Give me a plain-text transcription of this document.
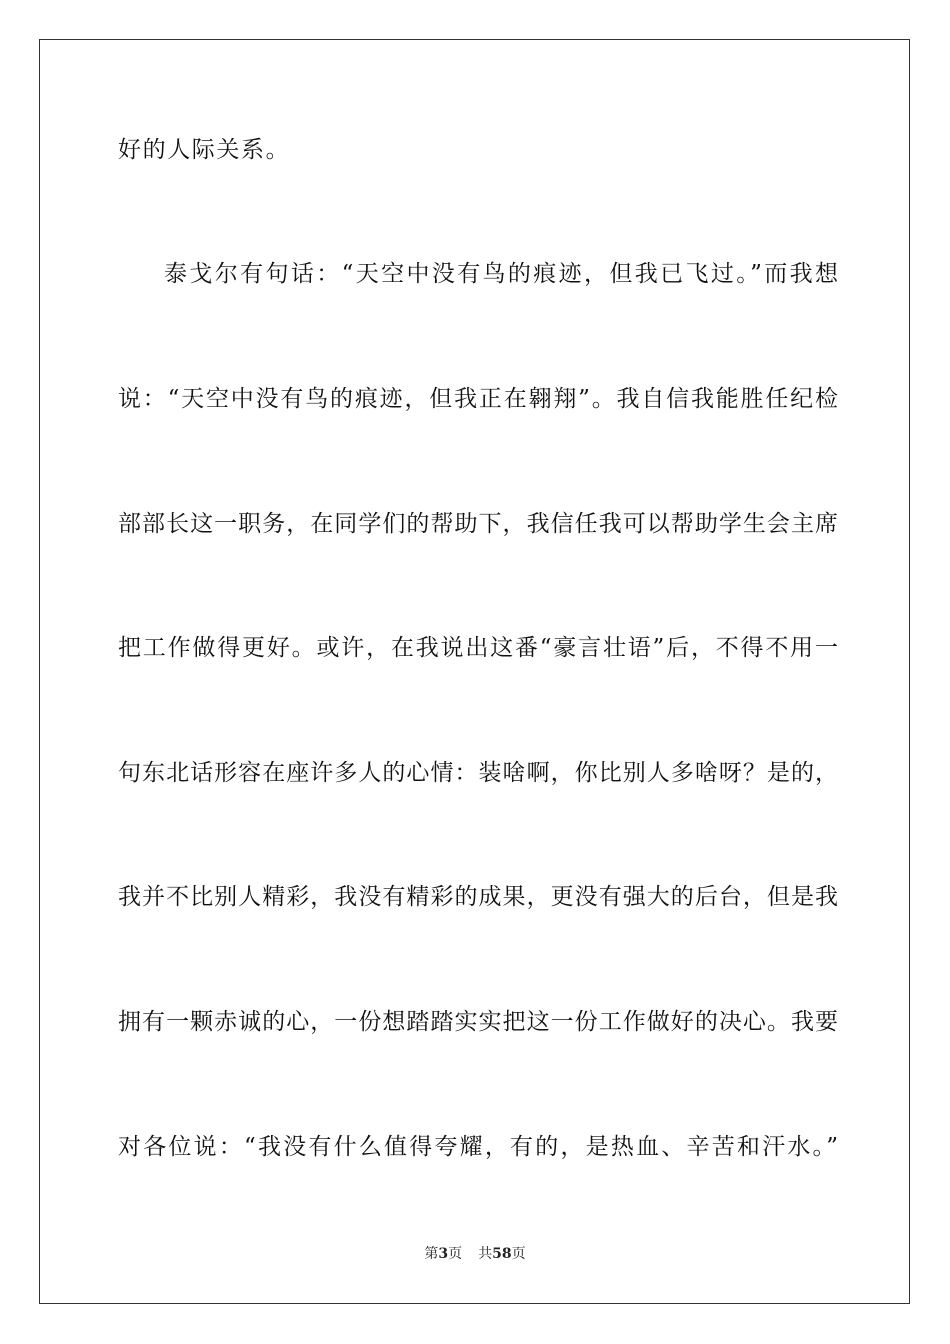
好的人际关系。
泰戈尔有句话：“天空中没有鸟的痕迹，但我已飞过。”而我想
说：“天空中没有鸟的痕迹，但我正在翱翔”。我自信我能胜任纪检
部部长这一职务，在同学们的帮助下，我信任我可以帮助学生会主席
把工作做得更好。或许，在我说出这番“豪言壮语”后，不得不用一
句东北话形容在座许多人的心情：装啥啊，你比别人多啥呀？是的，
我并不比别人精彩，我没有精彩的成果，更没有强大的后台，但是我
拥有一颗赤诚的心，一份想踏踏实实把这一份工作做好的决心。我要
对各位说：“我没有什么值得夸耀，有的，是热血、辛苦和汗水。”
第3页 共58页
